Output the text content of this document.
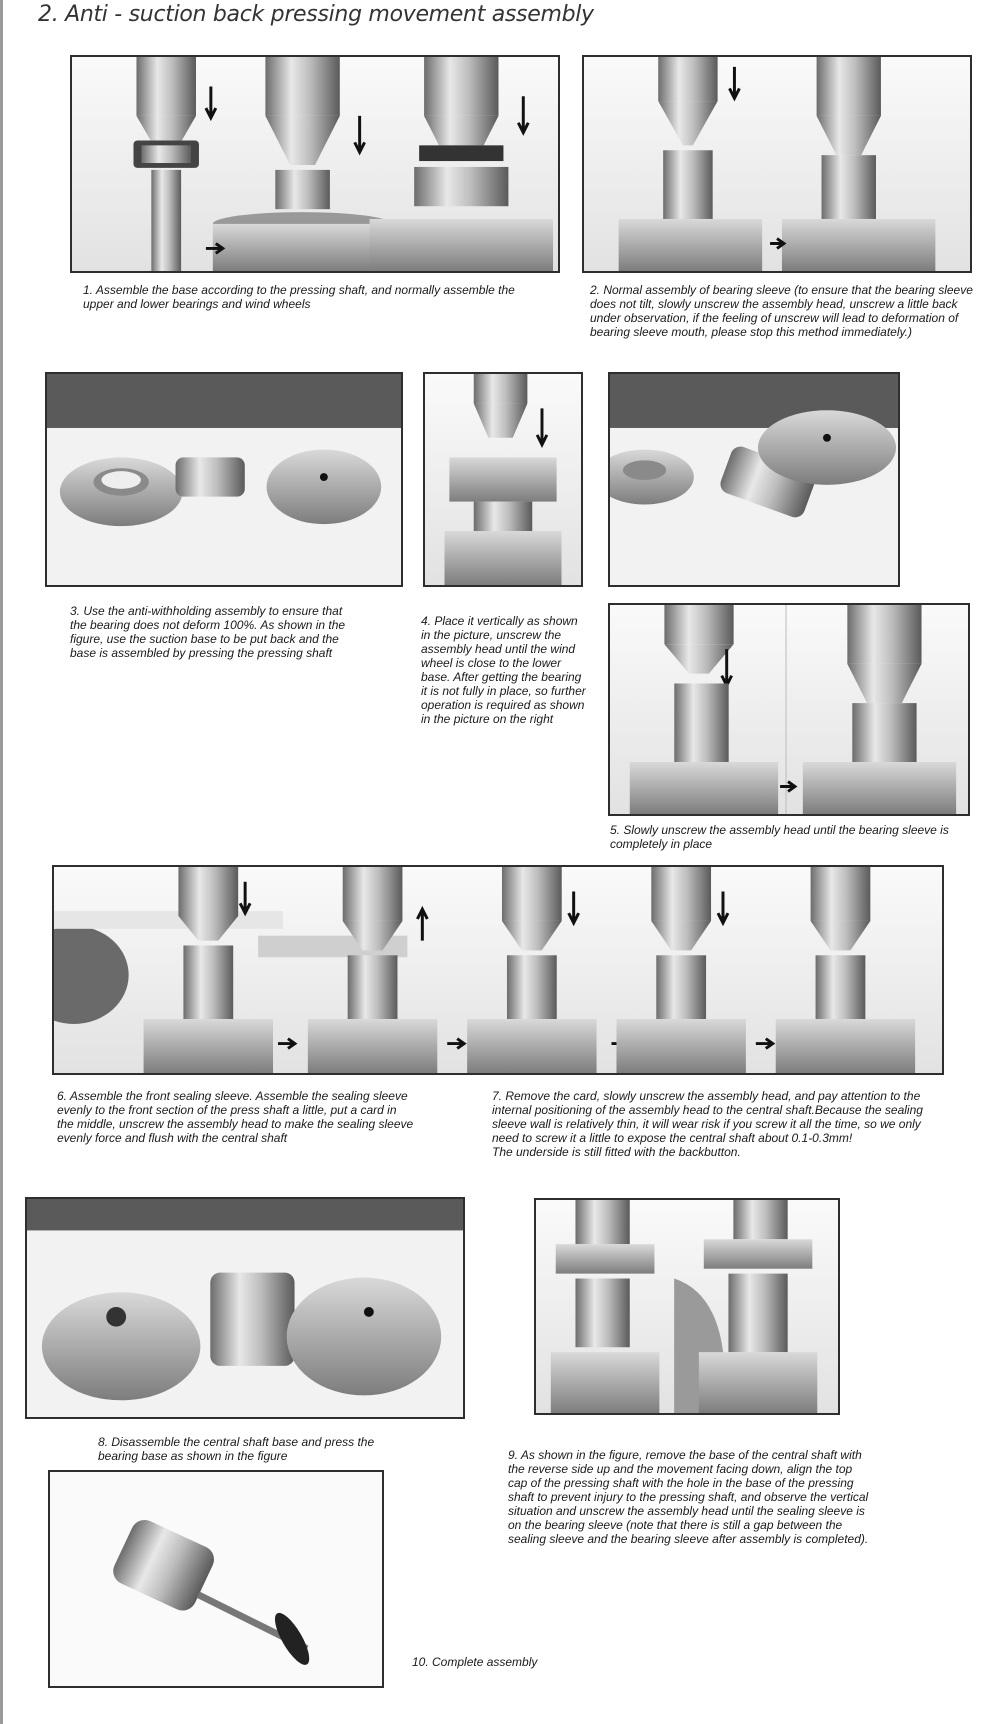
2. Anti - suction back pressing movement assembly
1. Assemble the base according to the pressing shaft, and normally assemble the
upper and lower bearings and wind wheels
2. Normal assembly of bearing sleeve (to ensure that the bearing sleeve
does not tilt, slowly unscrew the assembly head, unscrew a little back
under observation, if the feeling of unscrew will lead to deformation of
bearing sleeve mouth, please stop this method immediately.)
3. Use the anti-withholding assembly to ensure that
the bearing does not deform 100%. As shown in the
figure, use the suction base to be put back and the
base is assembled by pressing the pressing shaft
4. Place it vertically as shown
in the picture, unscrew the
assembly head until the wind
wheel is close to the lower
base. After getting the bearing
it is not fully in place, so further
operation is required as shown
in the picture on the right
5. Slowly unscrew the assembly head until the bearing sleeve is
completely in place
6. Assemble the front sealing sleeve. Assemble the sealing sleeve
evenly to the front section of the press shaft a little, put a card in
the middle, unscrew the assembly head to make the sealing sleeve
evenly force and flush with the central shaft
7. Remove the card, slowly unscrew the assembly head, and pay attention to the
internal positioning of the assembly head to the central shaft.Because the sealing
sleeve wall is relatively thin, it will wear risk if you screw it all the time, so we only
need to screw it a little to expose the central shaft about 0.1-0.3mm!
The underside is still fitted with the backbutton.
8. Disassemble the central shaft base and press the
bearing base as shown in the figure	9. As shown in the figure, remove the base of the central shaft with
the reverse side up and the movement facing down, align the top
cap of the pressing shaft with the hole in the base of the pressing
shaft to prevent injury to the pressing shaft, and observe the vertical
situation and unscrew the assembly head until the sealing sleeve is
on the bearing sleeve (note that there is still a gap between the
sealing sleeve and the bearing sleeve after assembly is completed).
10. Complete assembly
